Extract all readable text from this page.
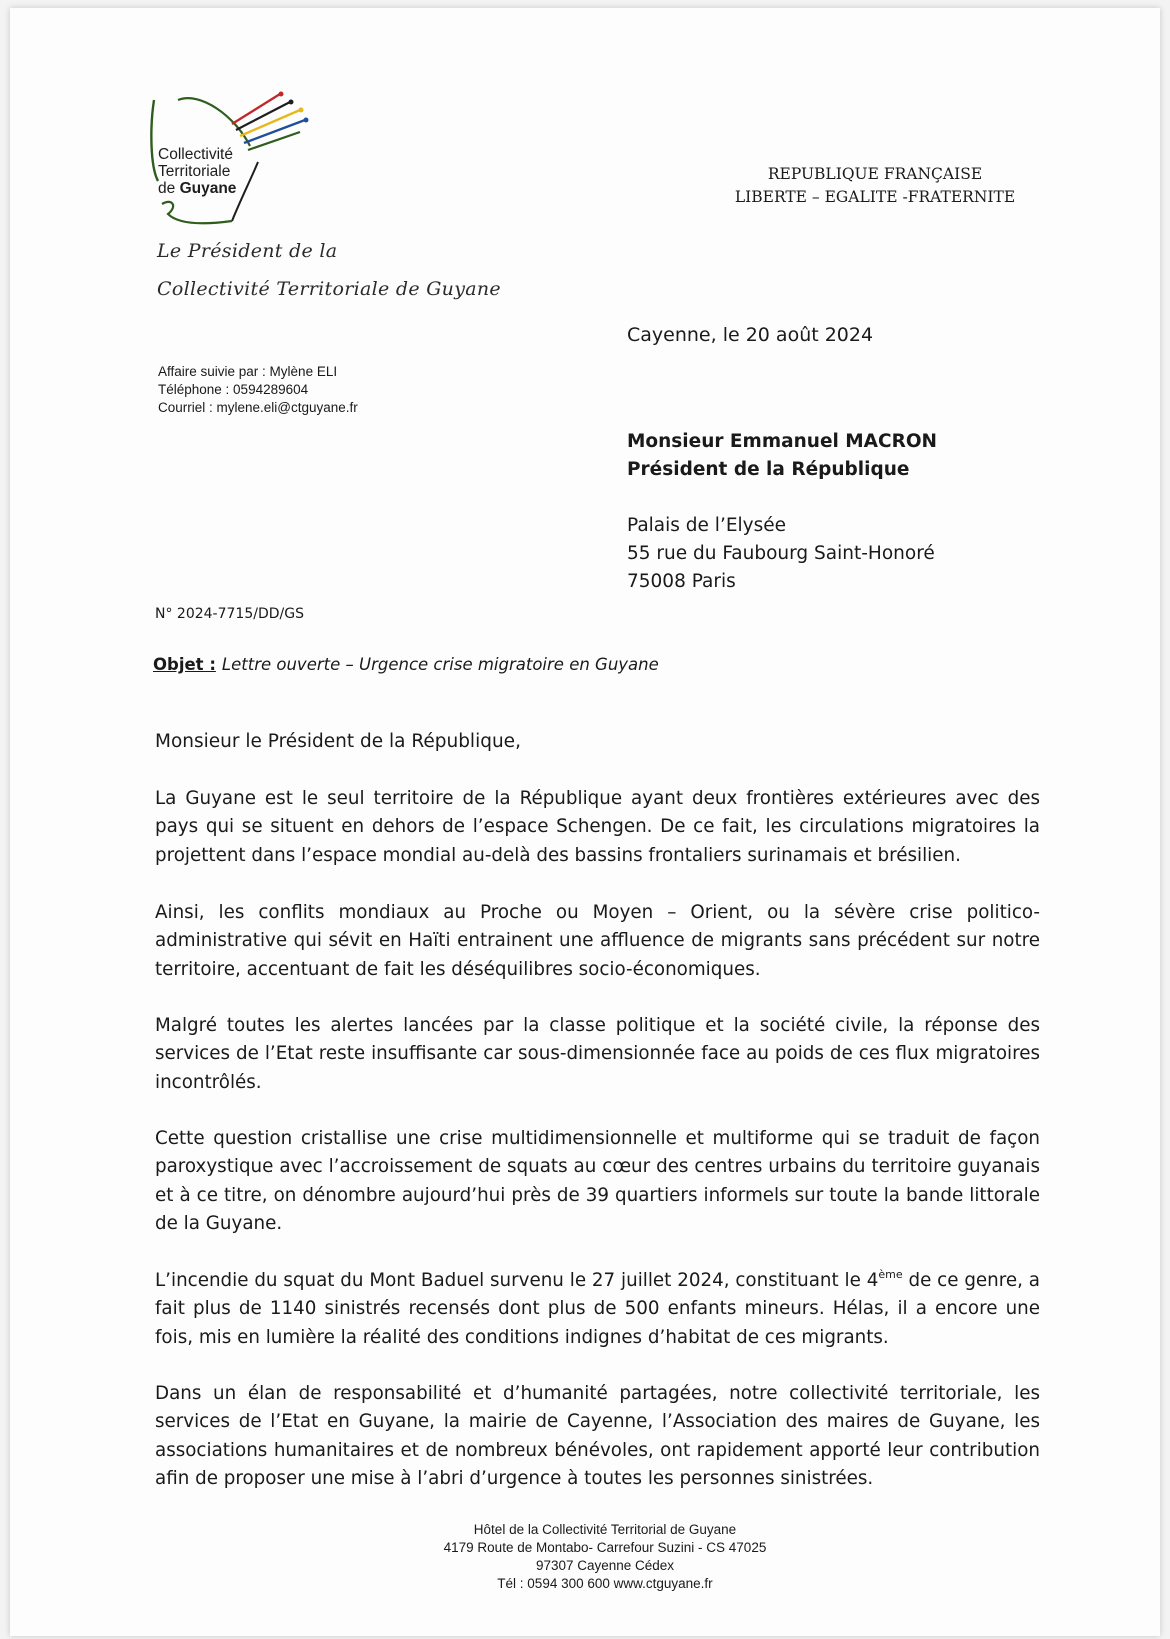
Collectivité
Territoriale
de Guyane
Le Président de la
Collectivité Territoriale de Guyane
REPUBLIQUE FRANÇAISE
LIBERTE – EGALITE -FRATERNITE
Cayenne, le 20 août 2024
Affaire suivie par : Mylène ELI
Téléphone : 0594289604
Courriel : mylene.eli@ctguyane.fr
Monsieur Emmanuel MACRON
Président de la République
Palais de l’Elysée
55 rue du Faubourg Saint-Honoré
75008 Paris
N° 2024-7715/DD/GS
Objet : Lettre ouverte – Urgence crise migratoire en Guyane
Monsieur le Président de la République,
La Guyane est le seul territoire de la République ayant deux frontières extérieures avec des pays qui se situent en dehors de l’espace Schengen. De ce fait, les circulations migratoires la projettent dans l’espace mondial au-delà des bassins frontaliers surinamais et brésilien.
Ainsi, les conflits mondiaux au Proche ou Moyen – Orient, ou la sévère crise politico-administrative qui sévit en Haïti entrainent une affluence de migrants sans précédent sur notre territoire, accentuant de fait les déséquilibres socio-économiques.
Malgré toutes les alertes lancées par la classe politique et la société civile, la réponse des services de l’Etat reste insuffisante car sous-dimensionnée face au poids de ces flux migratoires incontrôlés.
Cette question cristallise une crise multidimensionnelle et multiforme qui se traduit de façon paroxystique avec l’accroissement de squats au cœur des centres urbains du territoire guyanais et à ce titre, on dénombre aujourd’hui près de 39 quartiers informels sur toute la bande littorale de la Guyane.
L’incendie du squat du Mont Baduel survenu le 27 juillet 2024, constituant le 4ème de ce genre, a fait plus de 1140 sinistrés recensés dont plus de 500 enfants mineurs. Hélas, il a encore une fois, mis en lumière la réalité des conditions indignes d’habitat de ces migrants.
Dans un élan de responsabilité et d’humanité partagées, notre collectivité territoriale, les services de l’Etat en Guyane, la mairie de Cayenne, l’Association des maires de Guyane, les associations humanitaires et de nombreux bénévoles, ont rapidement apporté leur contribution afin de proposer une mise à l’abri d’urgence à toutes les personnes sinistrées.
Hôtel de la Collectivité Territorial de Guyane
4179 Route de Montabo- Carrefour Suzini - CS 47025
97307 Cayenne Cédex
Tél : 0594 300 600 www.ctguyane.fr
